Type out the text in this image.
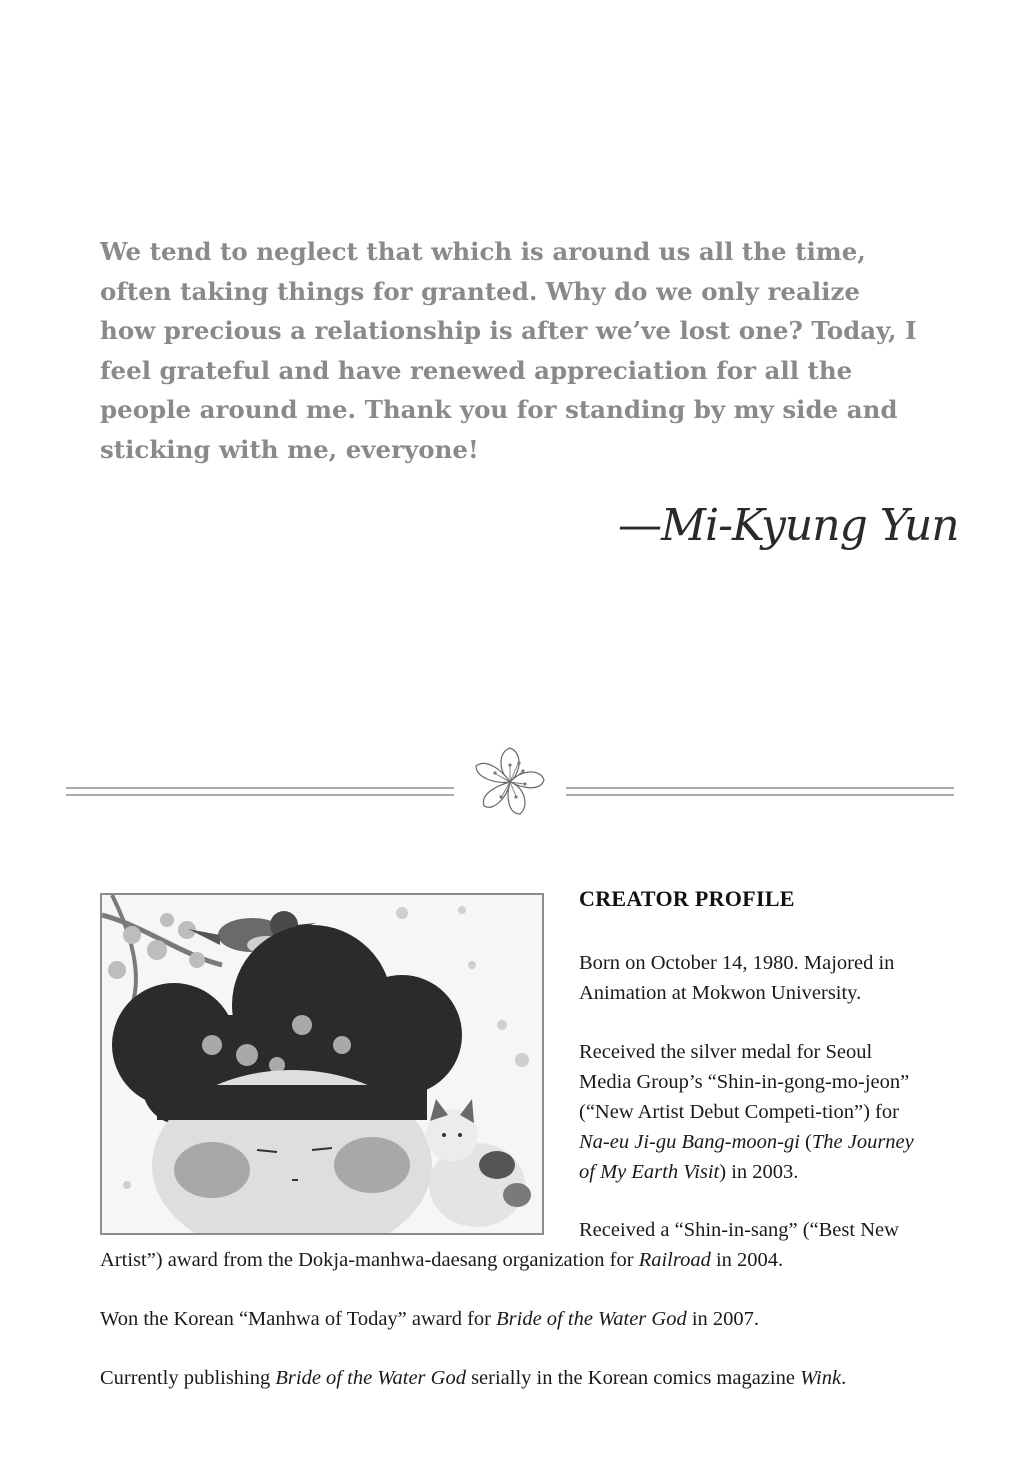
We tend to neglect that which is around us all the time, often taking things for granted. Why do we only realize how precious a relationship is after we’ve lost one? Today, I feel grateful and have renewed appreciation for all the people around me. Thank you for standing by my side and sticking with me, everyone!

—Mi-Kyung Yun
CREATOR PROFILE

Born on October 14, 1980. Majored in Animation at Mokwon University.

Received the silver medal for Seoul Media Group’s “Shin-in-gong-mo-jeon” (“New Artist Debut Competi-tion”) for Na-eu Ji-gu Bang-moon-gi (The Journey of My Earth Visit) in 2003.

Received a “Shin-in-sang” (“Best New Artist”) award from the Dokja-manhwa-daesang organization for Railroad in 2004.

Won the Korean “Manhwa of Today” award for Bride of the Water God in 2007.

Currently publishing Bride of the Water God serially in the Korean comics magazine Wink.
